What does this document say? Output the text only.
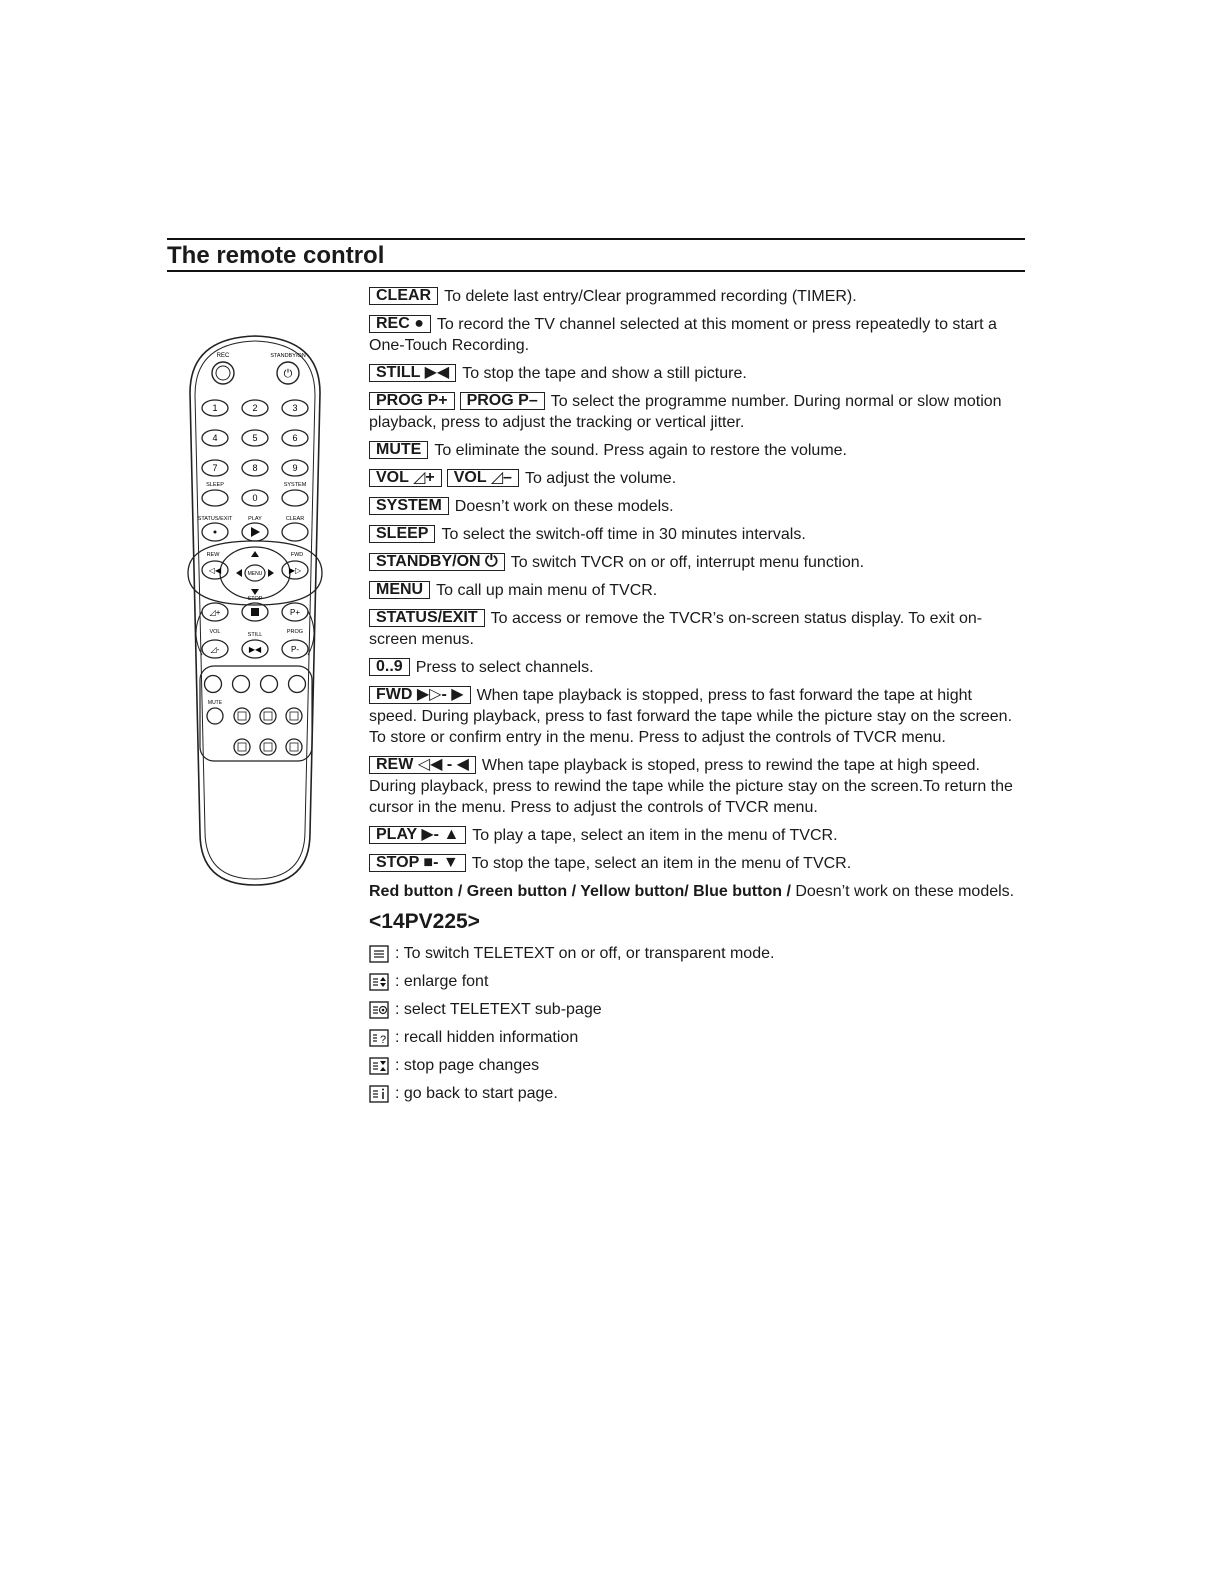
The remote control
REC
⏻
STANDBY/ON
1	2	3
4	5	6
7	8	9
0
SLEEP	SYSTEM
STATUS/EXIT	PLAY	CLEAR
MENU
◁◀	▶▷
REW	FWD
STOP
◿+
◿-	▶◀
P+
P-
VOL	STILL	PROG
MUTE

CLEAR To delete last entry/Clear programmed recording (TIMER).

REC ● To record the TV channel selected at this moment or press repeatedly to start a One-Touch Recording.

STILL ▶◀ To stop the tape and show a still picture.

PROG P+ PROG P– To select the programme number. During normal or slow motion playback, press to adjust the tracking or vertical jitter.

MUTE To eliminate the sound. Press again to restore the volume.

VOL ◿+ VOL ◿– To adjust the volume.

SYSTEM Doesn’t work on these models.

SLEEP To select the switch-off time in 30 minutes intervals.

STANDBY/ON ⏻ To switch TVCR on or off, interrupt menu function.

MENU To call up main menu of TVCR.

STATUS/EXIT To access or remove the TVCR’s on-screen status display. To exit on-screen menus.

0..9 Press to select channels.

FWD ▶▷- ▶ When tape playback is stopped, press to fast forward the tape at hight speed. During playback, press to fast forward the tape while the picture stay on the screen. To store or confirm entry in the menu. Press to adjust the controls of TVCR menu.

REW ◁◀ - ◀ When tape playback is stoped, press to rewind the tape at high speed. During playback, press to rewind the tape while the picture stay on the screen.To return the cursor in the menu. Press to adjust the controls of TVCR menu.

PLAY ▶- ▲ To play a tape, select an item in the menu of TVCR.

STOP ■- ▼ To stop the tape, select an item in the menu of TVCR.

Red button / Green button / Yellow button/ Blue button / Doesn’t work on these models.

<14PV225>
: To switch TELETEXT on or off, or transparent mode.
: enlarge font
: select TELETEXT sub-page
? : recall hidden information
: stop page changes
: go back to start page.
